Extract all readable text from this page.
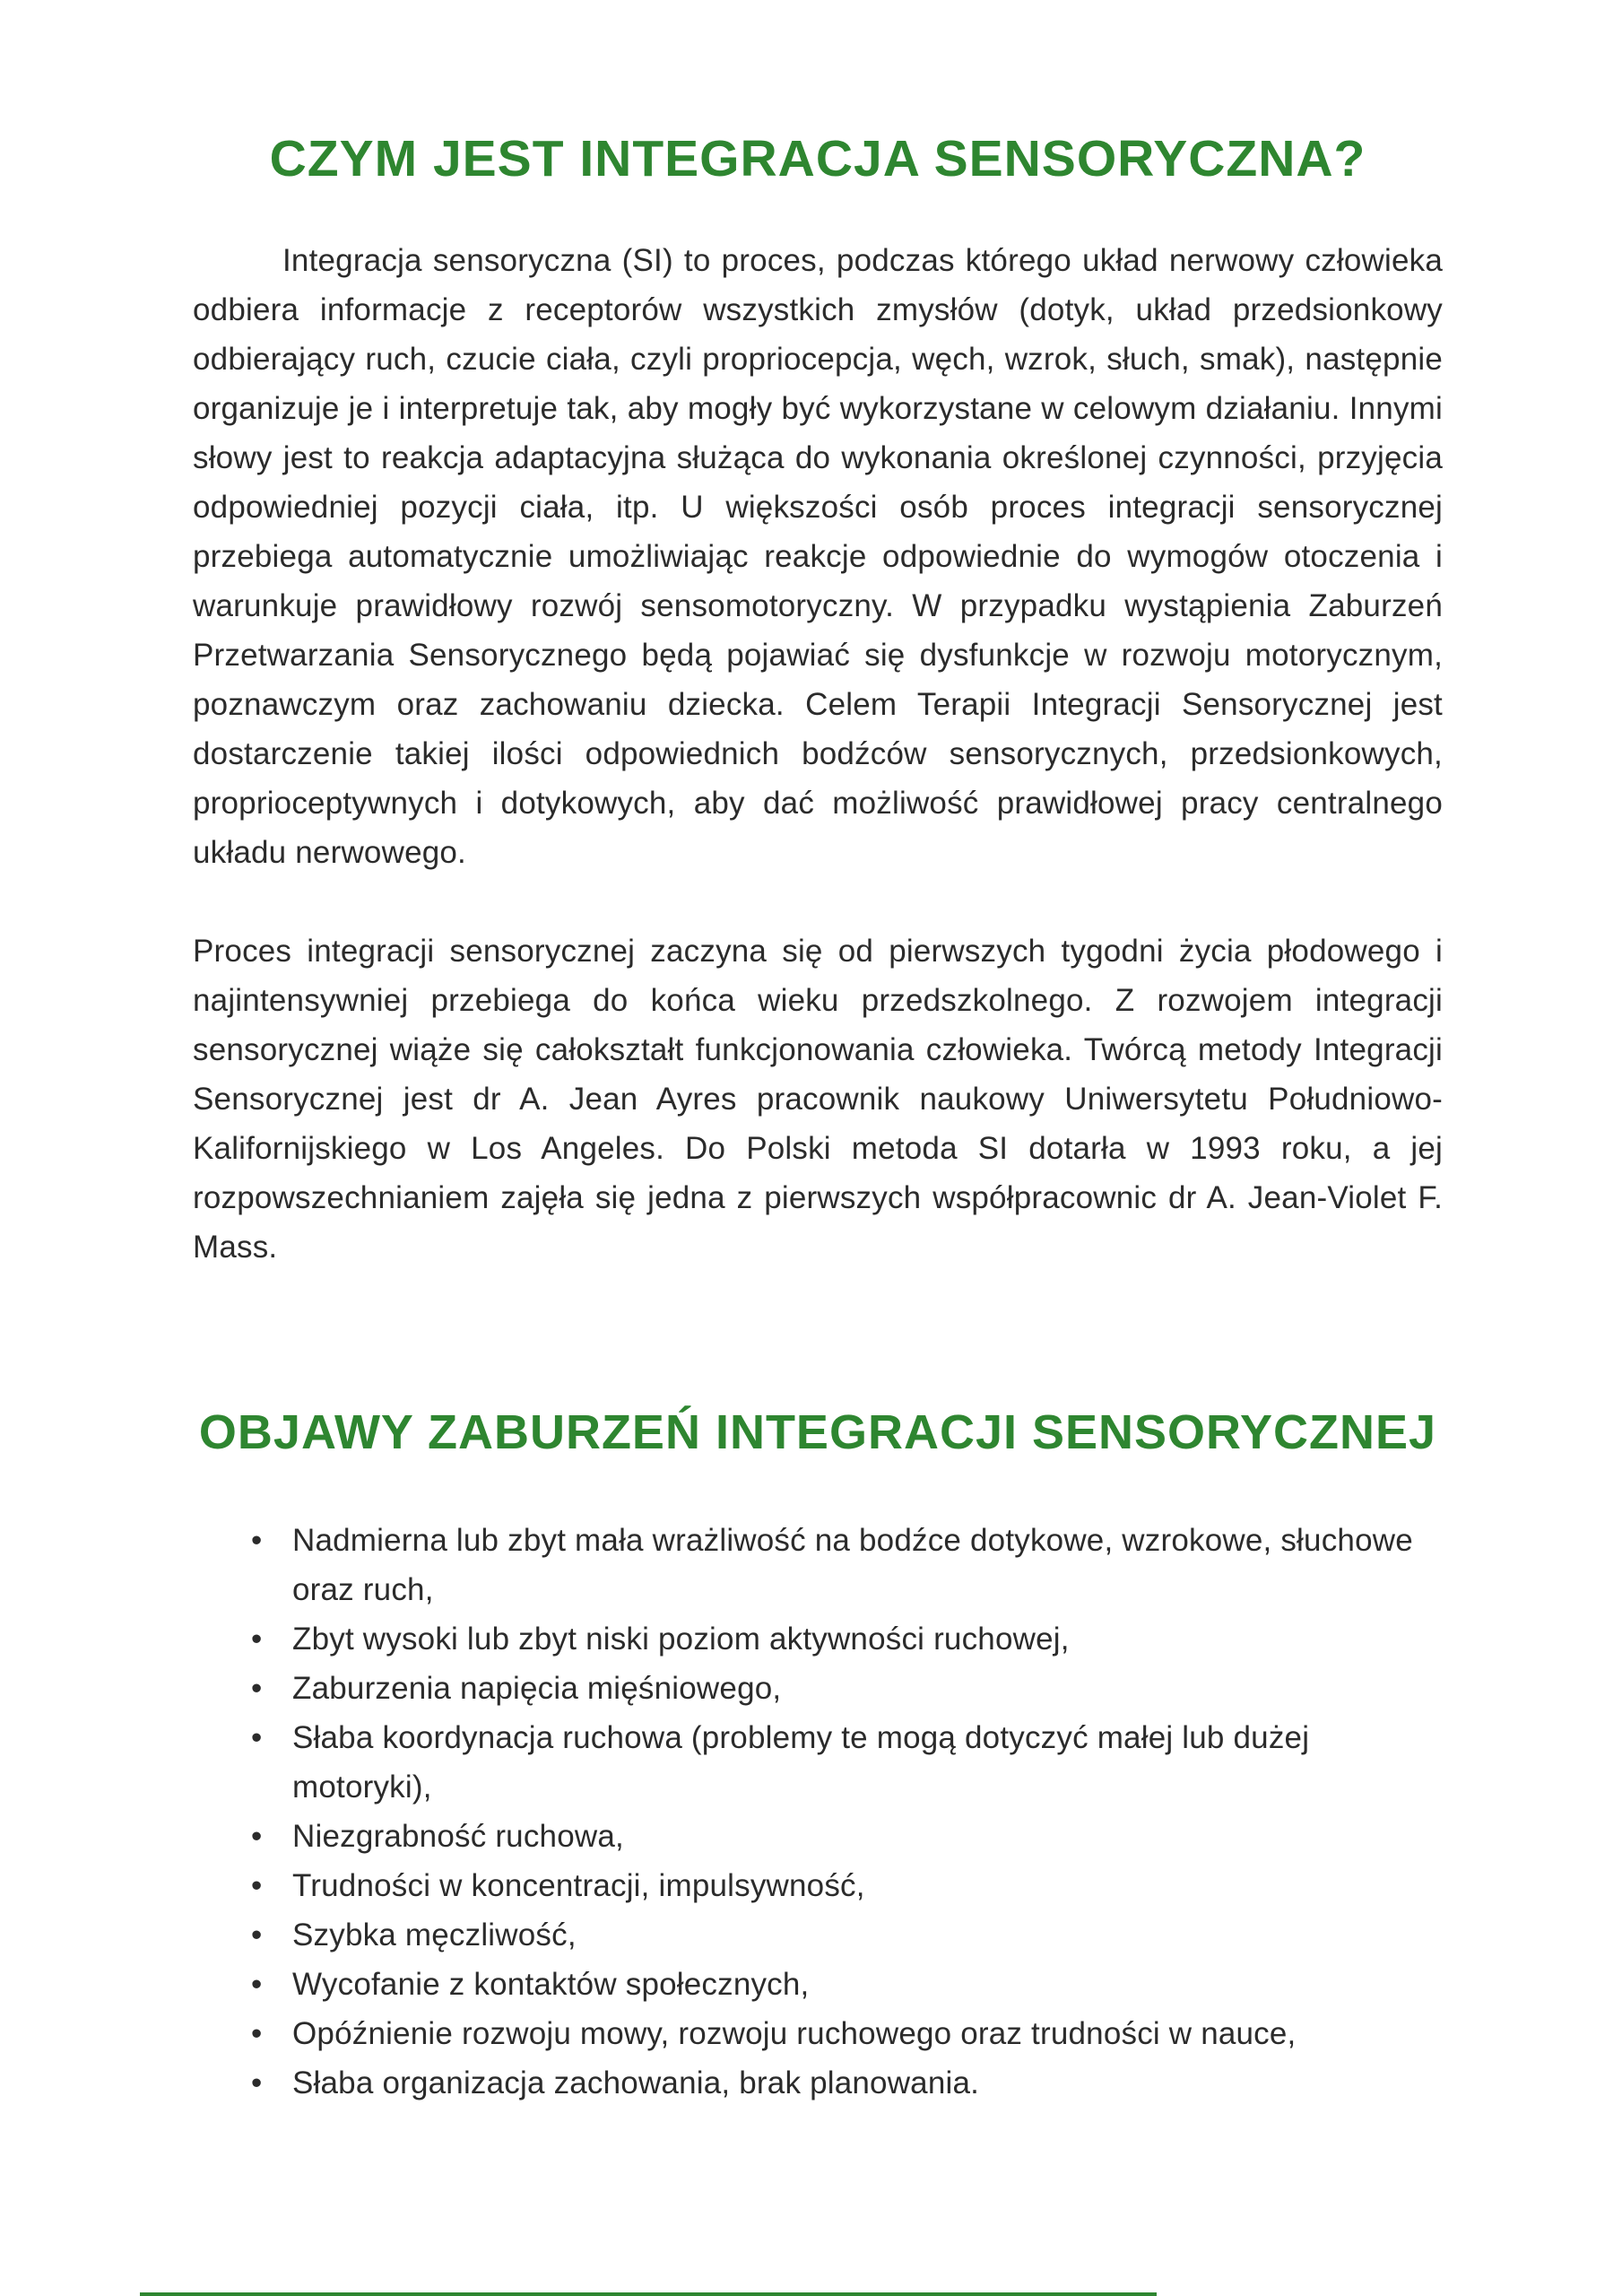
CZYM JEST INTEGRACJA SENSORYCZNA?

Integracja sensoryczna (SI) to proces, podczas którego układ nerwowy człowieka odbiera informacje z receptorów wszystkich zmysłów (dotyk, układ przedsionkowy odbierający ruch, czucie ciała, czyli propriocepcja, węch, wzrok, słuch, smak), następnie organizuje je i interpretuje tak, aby mogły być wykorzystane w celowym działaniu. Innymi słowy jest to reakcja adaptacyjna służąca do wykonania określonej czynności, przyjęcia odpowiedniej pozycji ciała, itp. U większości osób proces integracji sensorycznej przebiega automatycznie umożliwiając reakcje odpowiednie do wymogów otoczenia i warunkuje prawidłowy rozwój sensomotoryczny. W przypadku wystąpienia Zaburzeń Przetwarzania Sensorycznego będą pojawiać się dysfunkcje w rozwoju motorycznym, poznawczym oraz zachowaniu dziecka. Celem Terapii Integracji Sensorycznej jest dostarczenie takiej ilości odpowiednich bodźców sensorycznych, przedsionkowych, proprioceptywnych i dotykowych, aby dać możliwość prawidłowej pracy centralnego układu nerwowego.

Proces integracji sensorycznej zaczyna się od pierwszych tygodni życia płodowego i najintensywniej przebiega do końca wieku przedszkolnego. Z rozwojem integracji sensorycznej wiąże się całokształt funkcjonowania człowieka. Twórcą metody Integracji Sensorycznej jest dr A. Jean Ayres pracownik naukowy Uniwersytetu Południowo-Kalifornijskiego w Los Angeles. Do Polski metoda SI dotarła w 1993 roku, a jej rozpowszechnianiem zajęła się jedna z pierwszych współpracownic dr A. Jean-Violet F. Mass.

OBJAWY ZABURZEŃ INTEGRACJI SENSORYCZNEJ
• Nadmierna lub zbyt mała wrażliwość na bodźce dotykowe, wzrokowe, słuchowe oraz ruch,
• Zbyt wysoki lub zbyt niski poziom aktywności ruchowej,
• Zaburzenia napięcia mięśniowego,
• Słaba koordynacja ruchowa (problemy te mogą dotyczyć małej lub dużej motoryki),
• Niezgrabność ruchowa,
• Trudności w koncentracji, impulsywność,
• Szybka męczliwość,
• Wycofanie z kontaktów społecznych,
• Opóźnienie rozwoju mowy, rozwoju ruchowego oraz trudności w nauce,
• Słaba organizacja zachowania, brak planowania.
